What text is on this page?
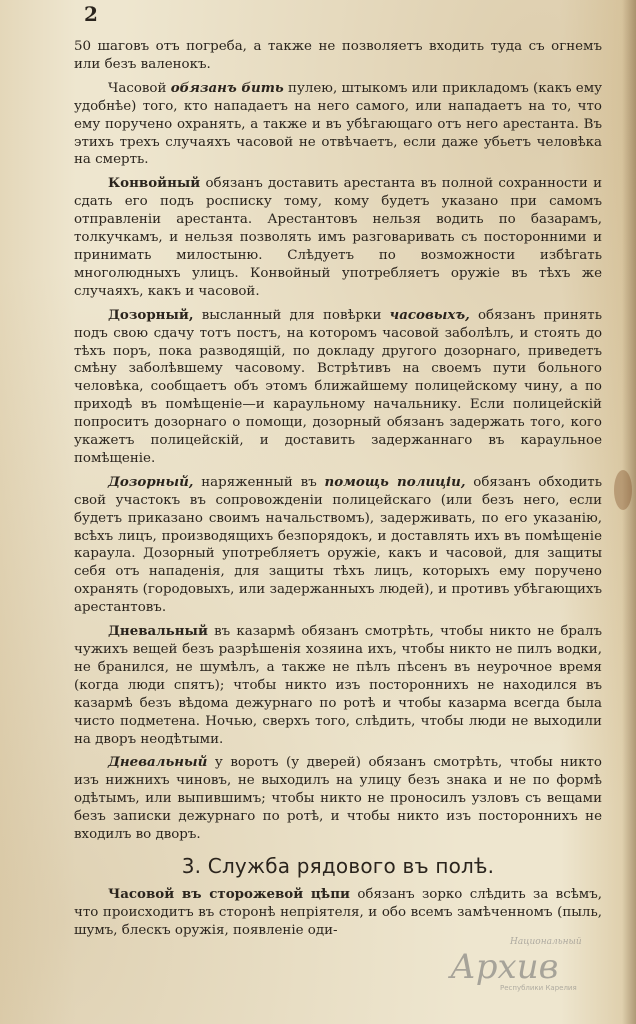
2

50 шаговъ отъ погреба, а также не позволяетъ входить туда съ огнемъ или безъ валенокъ.

Часовой обязанъ бить пулею, штыкомъ или прикладомъ (какъ ему удобнѣе) того, кто нападаетъ на него самого, или нападаетъ на то, что ему поручено охранять, а также и въ убѣгающаго отъ него арестанта. Въ этихъ трехъ случаяхъ часовой не отвѣчаетъ, если даже убьетъ человѣка на смерть.

Конвойный обязанъ доставить арестанта въ полной сохранности и сдать его подъ росписку тому, кому будетъ указано при самомъ отправленіи арестанта. Арестантовъ нельзя водить по базарамъ, толкучкамъ, и нельзя позволять имъ разговаривать съ посторонними и принимать милостыню. Слѣдуетъ по возможности избѣгать многолюдныхъ улицъ. Конвойный употребляетъ оружіе въ тѣхъ же случаяхъ, какъ и часовой.

Дозорный, высланный для повѣрки часовыхъ, обязанъ принять подъ свою сдачу тотъ постъ, на которомъ часовой заболѣлъ, и стоять до тѣхъ поръ, пока разводящій, по докладу другого дозорнаго, приведетъ смѣну заболѣвшему часовому. Встрѣтивъ на своемъ пути больного человѣка, сообщаетъ объ этомъ ближайшему полицейскому чину, а по приходѣ въ помѣщеніе—и караульному начальнику. Если полицейскій попроситъ дозорнаго о помощи, дозорный обязанъ задержать того, кого укажетъ полицейскій, и доставить задержаннаго въ караульное помѣщеніе.

Дозорный, наряженный въ помощь полиціи, обязанъ обходить свой участокъ въ сопровожденіи полицейскаго (или безъ него, если будетъ приказано своимъ начальствомъ), задерживать, по его указанію, всѣхъ лицъ, производящихъ безпорядокъ, и доставлять ихъ въ помѣщеніе караула. Дозорный употребляетъ оружіе, какъ и часовой, для защиты себя отъ нападенія, для защиты тѣхъ лицъ, которыхъ ему поручено охранять (городовыхъ, или задержанныхъ людей), и противъ убѣгающихъ арестантовъ.

Дневальный въ казармѣ обязанъ смотрѣть, чтобы никто не бралъ чужихъ вещей безъ разрѣшенія хозяина ихъ, чтобы никто не пилъ водки, не бранился, не шумѣлъ, а также не пѣлъ пѣсенъ въ неурочное время (когда люди спятъ); чтобы никто изъ постороннихъ не находился въ казармѣ безъ вѣдома дежурнаго по ротѣ и чтобы казарма всегда была чисто подметена. Ночью, сверхъ того, слѣдить, чтобы люди не выходили на дворъ неодѣтыми.

Дневальный у воротъ (у дверей) обязанъ смотрѣть, чтобы никто изъ нижнихъ чиновъ, не выходилъ на улицу безъ знака и не по формѣ одѣтымъ, или выпившимъ; чтобы никто не проносилъ узловъ съ вещами безъ записки дежурнаго по ротѣ, и чтобы никто изъ постороннихъ не входилъ во дворъ.

3. Служба рядового въ полѣ.

Часовой въ сторожевой цѣпи обязанъ зорко слѣдить за всѣмъ, что происходитъ въ сторонѣ непріятеля, и обо всемъ замѣченномъ (пыль, шумъ, блескъ оружія, появленіе оди-

Национальный
Архив
Республики Карелия
